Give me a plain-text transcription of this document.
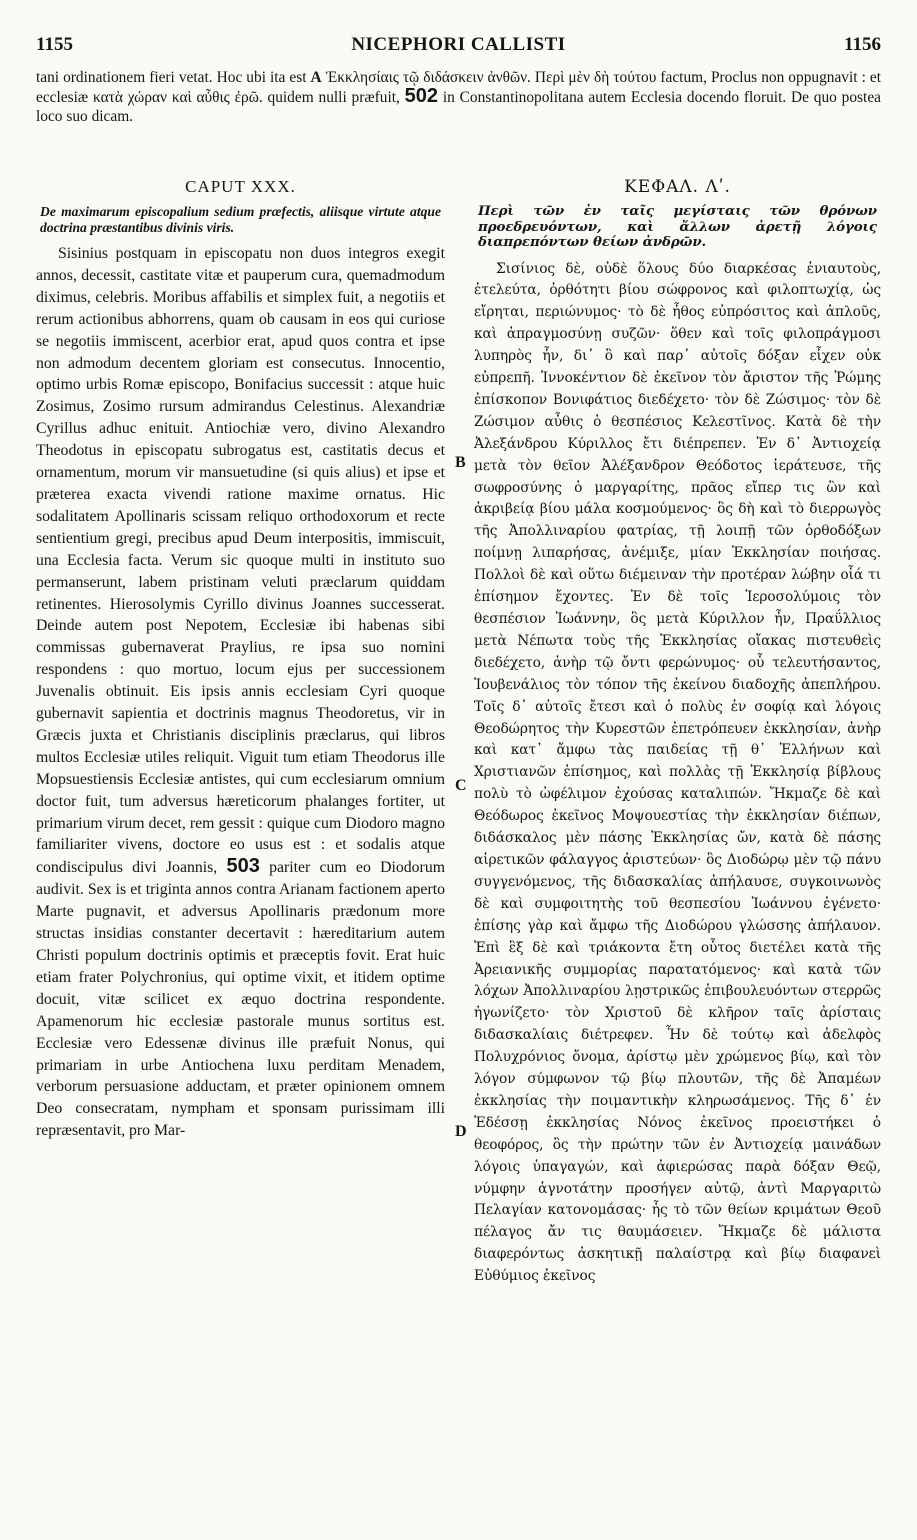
1155	NICEPHORI CALLISTI	1156
tani ordinationem fieri vetat. Hoc ubi ita est A Ἐκκλησίαις τῷ διδάσκειν ἀνθῶν. Περὶ μὲν δὴ τούτου factum, Proclus non oppugnavit : et ecclesiæ κατὰ χώραν καὶ αὖθις ἐρῶ. quidem nulli præfuit, 502 in Constantinopolitana autem Ecclesia docendo floruit. De quo postea loco suo dicam.
CAPUT XXX.
De maximarum episcopalium sedium præfectis, aliisque virtute atque doctrina præstantibus divinis viris.

Sisinius postquam in episcopatu non duos integros exegit annos, decessit, castitate vitæ et pauperum cura, quemadmodum diximus, celebris. Moribus affabilis et simplex fuit, a negotiis et rerum actionibus abhorrens, quam ob causam in eos qui curiose se negotiis immiscent, acerbior erat, apud quos contra et ipse non admodum decentem gloriam est consecutus. Innocentio, optimo urbis Romæ episcopo, Bonifacius successit : atque huic Zosimus, Zosimo rursum admirandus Celestinus. Alexandriæ Cyrillus adhuc enituit. Antiochiæ vero, divino Alexandro Theodotus in episcopatu subrogatus est, castitatis decus et ornamentum, morum vir mansuetudine (si quis alius) et ipse et præterea exacta vivendi ratione maxime ornatus. Hic sodalitatem Apollinaris scissam reliquo orthodoxorum et recte sentientium gregi, precibus apud Deum interpositis, immiscuit, una Ecclesia facta. Verum sic quoque multi in instituto suo permanserunt, labem pristinam veluti præclarum quiddam retinentes. Hierosolymis Cyrillo divinus Joannes successerat. Deinde autem post Nepotem, Ecclesiæ ibi habenas sibi commissas gubernaverat Praylius, re ipsa suo nomini respondens : quo mortuo, locum ejus per successionem Juvenalis obtinuit. Eis ipsis annis ecclesiam Cyri quoque gubernavit sapientia et doctrinis magnus Theodoretus, vir in Græcis juxta et Christianis disciplinis præclarus, qui libros multos Ecclesiæ utiles reliquit. Viguit tum etiam Theodorus ille Mopsuestiensis Ecclesiæ antistes, qui cum ecclesiarum omnium doctor fuit, tum adversus hæreticorum phalanges fortiter, ut primarium virum decet, rem gessit : quique cum Diodoro magno familiariter vivens, doctore eo usus est : et sodalis atque condiscipulus divi Joannis, 503 pariter cum eo Diodorum audivit. Sex is et triginta annos contra Arianam factionem aperto Marte pugnavit, et adversus Apollinaris prædonum more structas insidias constanter decertavit : hæreditarium autem Christi populum doctrinis optimis et præceptis fovit. Erat huic etiam frater Polychronius, qui optime vixit, et itidem optime docuit, vitæ scilicet ex æquo doctrina respondente. Apamenorum hic ecclesiæ pastorale munus sortitus est. Ecclesiæ vero Edessenæ divinus ille præfuit Nonus, qui primariam in urbe Antiochena luxu perditam Menadem, verborum persuasione adductam, et præter opinionem omnem Deo consecratam, nympham et sponsam purissimam illi repræsentavit, pro Mar-

ΚΕΦΑΛ. Λʹ.
Περὶ τῶν ἐν ταῖς μεγίσταις τῶν θρόνων προεδρευόντων, καὶ ἄλλων ἀρετῇ λόγοις διαπρεπόντων θείων ἀνδρῶν.

Σισίνιος δὲ, οὐδὲ ὅλους δύο διαρκέσας ἐνιαυτοὺς, ἐτελεύτα, ὀρθότητι βίου σώφρονος καὶ φιλοπτωχίᾳ, ὡς εἴρηται, περιώνυμος· τὸ δὲ ἦθος εὐπρόσιτος καὶ ἁπλοῦς, καὶ ἀπραγμοσύνῃ συζῶν· ὅθεν καὶ τοῖς φιλοπράγμοσι λυπηρὸς ἦν, δι᾿ ὃ καὶ παρ᾿ αὐτοῖς δόξαν εἶχεν οὐκ εὐπρεπῆ. Ἰννοκέντιον δὲ ἐκεῖνον τὸν ἄριστον τῆς Ῥώμης ἐπίσκοπον Βονιφάτιος διεδέχετο· τὸν δὲ Ζώσιμος· τὸν δὲ Ζώσιμον αὖθις ὁ θεσπέσιος Κελεστῖνος. Κατὰ δὲ τὴν Ἀλεξάνδρου Κύριλλος ἔτι διέπρεπεν. Ἐν δ᾿ Ἀντιοχείᾳ μετὰ τὸν θεῖον Ἀλέξανδρον Θεόδοτος ἱεράτευσε, τῆς σωφροσύνης ὁ μαργαρίτης, πρᾶος εἴπερ τις ὢν καὶ ἀκριβείᾳ βίου μάλα κοσμούμενος· ὃς δὴ καὶ τὸ διερρωγὸς τῆς Ἀπολλιναρίου φατρίας, τῇ λοιπῇ τῶν ὀρθοδόξων ποίμνῃ λιπαρήσας, ἀνέμιξε, μίαν Ἐκκλησίαν ποιήσας. Πολλοὶ δὲ καὶ οὕτω διέμειναν τὴν προτέραν λώβην οἷά τι ἐπίσημον ἔχοντες. Ἐν δὲ τοῖς Ἱεροσολύμοις τὸν θεσπέσιον Ἰωάννην, ὃς μετὰ Κύριλλον ἦν, Πραΰλλιος μετὰ Νέπωτα τοὺς τῆς Ἐκκλησίας οἴακας πιστευθεὶς διεδέχετο, ἀνὴρ τῷ ὄντι φερώνυμος· οὗ τελευτήσαντος, Ἰουβενάλιος τὸν τόπον τῆς ἐκείνου διαδοχῆς ἀπεπλήρου. Τοῖς δ᾿ αὐτοῖς ἔτεσι καὶ ὁ πολὺς ἐν σοφίᾳ καὶ λόγοις Θεοδώρητος τὴν Κυρεστῶν ἐπετρόπευεν ἐκκλησίαν, ἀνὴρ καὶ κατ᾿ ἄμφω τὰς παιδείας τῇ θ᾿ Ἑλλήνων καὶ Χριστιανῶν ἐπίσημος, καὶ πολλὰς τῇ Ἐκκλησίᾳ βίβλους πολὺ τὸ ὠφέλιμον ἐχούσας καταλιπών. Ἤκμαζε δὲ καὶ Θεόδωρος ἐκεῖνος Μοψουεστίας τὴν ἐκκλησίαν διέπων, διδάσκαλος μὲν πάσης Ἐκκλησίας ὤν, κατὰ δὲ πάσης αἱρετικῶν φάλαγγος ἀριστεύων· ὃς Διοδώρῳ μὲν τῷ πάνυ συγγενόμενος, τῆς διδασκαλίας ἀπήλαυσε, συγκοινωνὸς δὲ καὶ συμφοιτητὴς τοῦ θεσπεσίου Ἰωάννου ἐγένετο· ἐπίσης γὰρ καὶ ἄμφω τῆς Διοδώρου γλώσσης ἀπήλαυον. Ἐπὶ ἓξ δὲ καὶ τριάκοντα ἔτη οὗτος διετέλει κατὰ τῆς Ἀρειανικῆς συμμορίας παρατατόμενος· καὶ κατὰ τῶν λόχων Ἀπολλιναρίου λῃστρικῶς ἐπιβουλευόντων στερρῶς ἠγωνίζετο· τὸν Χριστοῦ δὲ κλῆρον ταῖς ἀρίσταις διδασκαλίαις διέτρεφεν. Ἦν δὲ τούτῳ καὶ ἀδελφὸς Πολυχρόνιος ὄνομα, ἀρίστῳ μὲν χρώμενος βίῳ, καὶ τὸν λόγον σύμφωνον τῷ βίῳ πλουτῶν, τῆς δὲ Ἀπαμέων ἐκκλησίας τὴν ποιμαντικὴν κληρωσάμενος. Τῆς δ᾿ ἐν Ἐδέσσῃ ἐκκλησίας Νόνος ἐκεῖνος προειστήκει ὁ θεοφόρος, ὃς τὴν πρώτην τῶν ἐν Ἀντιοχείᾳ μαινάδων λόγοις ὑπαγαγών, καὶ ἀφιερώσας παρὰ δόξαν Θεῷ, νύμφην ἁγνοτάτην προσήγεν αὐτῷ, ἀντὶ Μαργαριτὼ Πελαγίαν κατονομάσας· ἧς τὸ τῶν θείων κριμάτων Θεοῦ πέλαγος ἄν τις θαυμάσειεν. Ἤκμαζε δὲ μάλιστα διαφερόντως ἀσκητικῇ παλαίστρᾳ καὶ βίῳ διαφανεὶ Εὐθύμιος ἐκεῖνος

B
C
D
